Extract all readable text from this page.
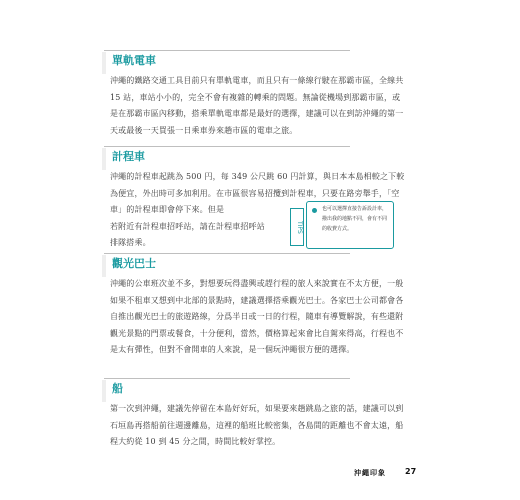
單軌電車

沖繩的鐵路交通工具目前只有單軌電車，而且只有一條線行駛在那霸市區，全線共 15 站，車站小小的，完全不會有複雜的轉乘的問題。無論從機場到那霸市區，或是在那霸市區內移動，搭乘單軌電車都是最好的選擇，建議可以在到訪沖繩的第一天或最後一天買張一日乘車券來趟市區的電車之旅。

計程車

沖繩的計程車起跳為 500 円，每 349 公尺跳 60 円計算，與日本本島相較之下較為便宜，外出時可多加利用。在市區很容易招攬到計程車，只要在路旁舉手，「空車」的計程車即會停下來。但是

若附近有計程車招呼站，請在計程車招呼站排隊搭乘。

TIPS
也可以選擇直接告訴設計車，撥出我的地點不同，會有不同的收費方式。
觀光巴士

沖繩的公車班次並不多，對想要玩得盡興或趕行程的旅人來說實在不太方便，一般如果不租車又想到中北部的景點時，建議選擇搭乘觀光巴士。各家巴士公司都會各自推出觀光巴士的旅遊路線，分爲半日或一日的行程，隨車有導覽解說，有些還附觀光景點的門票或餐食，十分便利，當然，價格算起來會比自駕來得高，行程也不是太有彈性，但對不會開車的人來說，是一個玩沖繩很方便的選擇。

船

第一次到沖繩，建議先停留在本島好好玩，如果要來趟跳島之旅的話，建議可以到石垣島再搭船前往週邊離島，這裡的船班比較密集，各島間的距離也不會太遠，船程大約從 10 到 45 分之間，時間比較好掌控。

沖繩印象 27
